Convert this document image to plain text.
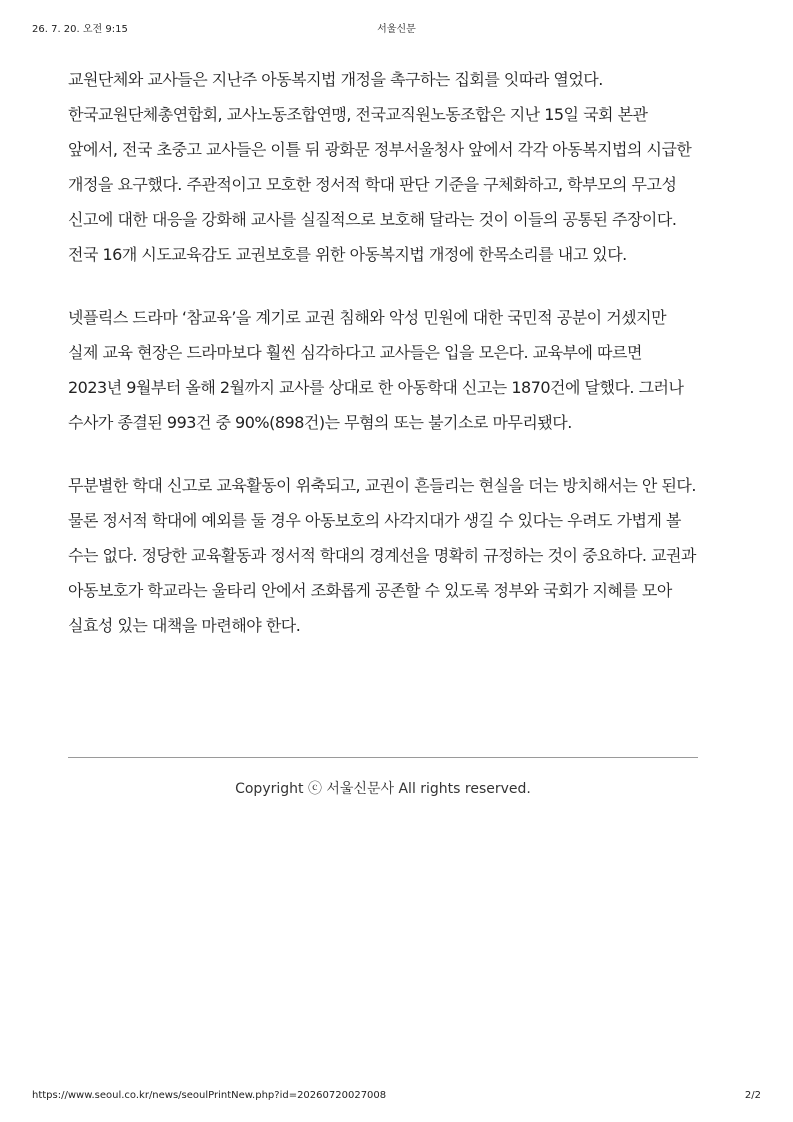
26. 7. 20. 오전 9:15	서울신문

교원단체와 교사들은 지난주 아동복지법 개정을 촉구하는 집회를 잇따라 열었다. 한국교원단체총연합회, 교사노동조합연맹, 전국교직원노동조합은 지난 15일 국회 본관 앞에서, 전국 초중고 교사들은 이틀 뒤 광화문 정부서울청사 앞에서 각각 아동복지법의 시급한 개정을 요구했다. 주관적이고 모호한 정서적 학대 판단 기준을 구체화하고, 학부모의 무고성 신고에 대한 대응을 강화해 교사를 실질적으로 보호해 달라는 것이 이들의 공통된 주장이다. 전국 16개 시도교육감도 교권보호를 위한 아동복지법 개정에 한목소리를 내고 있다.

넷플릭스 드라마 ‘참교육’을 계기로 교권 침해와 악성 민원에 대한 국민적 공분이 거셌지만 실제 교육 현장은 드라마보다 훨씬 심각하다고 교사들은 입을 모은다. 교육부에 따르면 2023년 9월부터 올해 2월까지 교사를 상대로 한 아동학대 신고는 1870건에 달했다. 그러나 수사가 종결된 993건 중 90%(898건)는 무혐의 또는 불기소로 마무리됐다.

무분별한 학대 신고로 교육활동이 위축되고, 교권이 흔들리는 현실을 더는 방치해서는 안 된다. 물론 정서적 학대에 예외를 둘 경우 아동보호의 사각지대가 생길 수 있다는 우려도 가볍게 볼 수는 없다. 정당한 교육활동과 정서적 학대의 경계선을 명확히 규정하는 것이 중요하다. 교권과 아동보호가 학교라는 울타리 안에서 조화롭게 공존할 수 있도록 정부와 국회가 지혜를 모아 실효성 있는 대책을 마련해야 한다.

Copyright ⓒ 서울신문사 All rights reserved.
https://www.seoul.co.kr/news/seoulPrintNew.php?id=20260720027008	2/2
